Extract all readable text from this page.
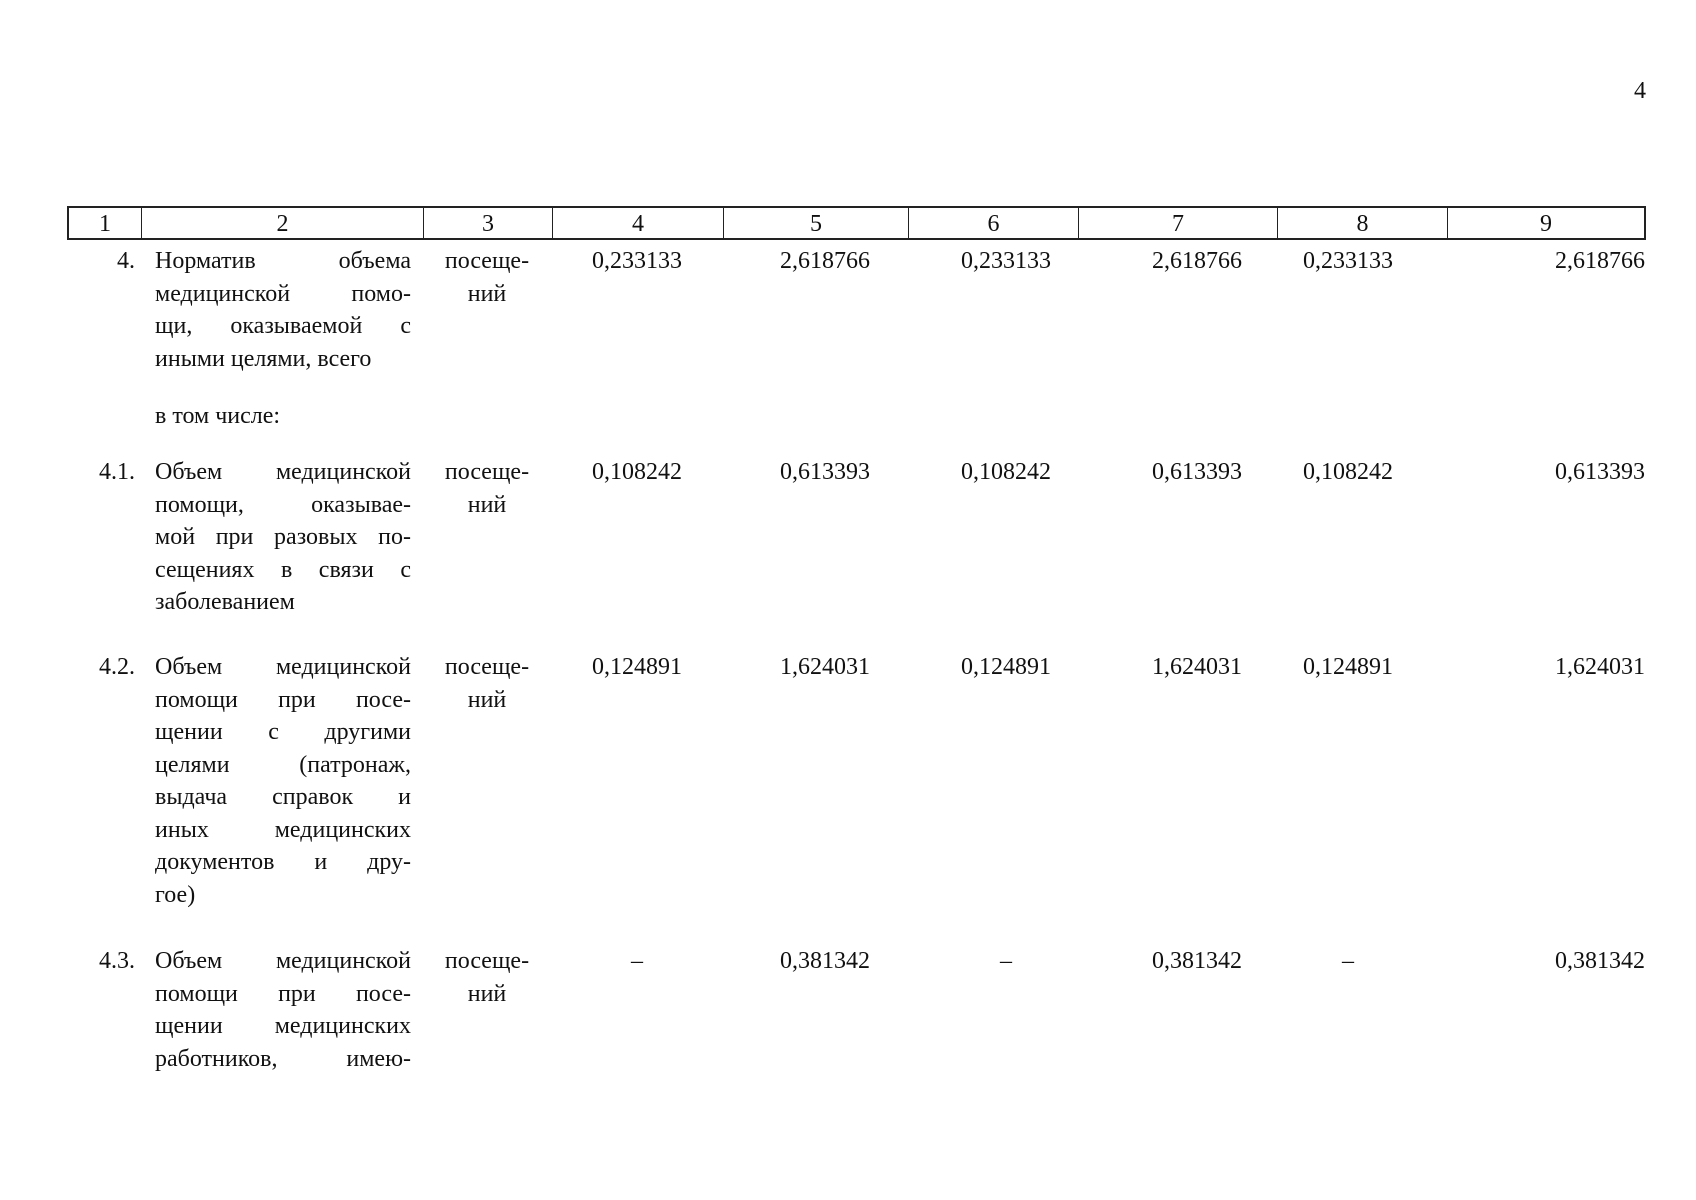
4
1	2	3	4	5	6	7	8	9
4. Норматив объема
медицинской помо-
щи, оказываемой с
иными целями, всего
посеще-
ний
0,233133	2,618766	0,233133	2,618766	0,233133	2,618766
в том числе:
4.1. Объем медицинской
помощи, оказывае-
мой при разовых по-
сещениях в связи с
заболеванием
посеще-
ний
0,108242	0,613393	0,108242	0,613393	0,108242	0,613393
4.2. Объем медицинской
помощи при посе-
щении с другими
целями (патронаж,
выдача справок и
иных медицинских
документов и дру-
гое)
посеще-
ний
0,124891	1,624031	0,124891	1,624031	0,124891	1,624031
4.3. Объем медицинской
помощи при посе-
щении медицинских
работников, имею-
посеще-
ний
–	0,381342	–	0,381342	–	0,381342
